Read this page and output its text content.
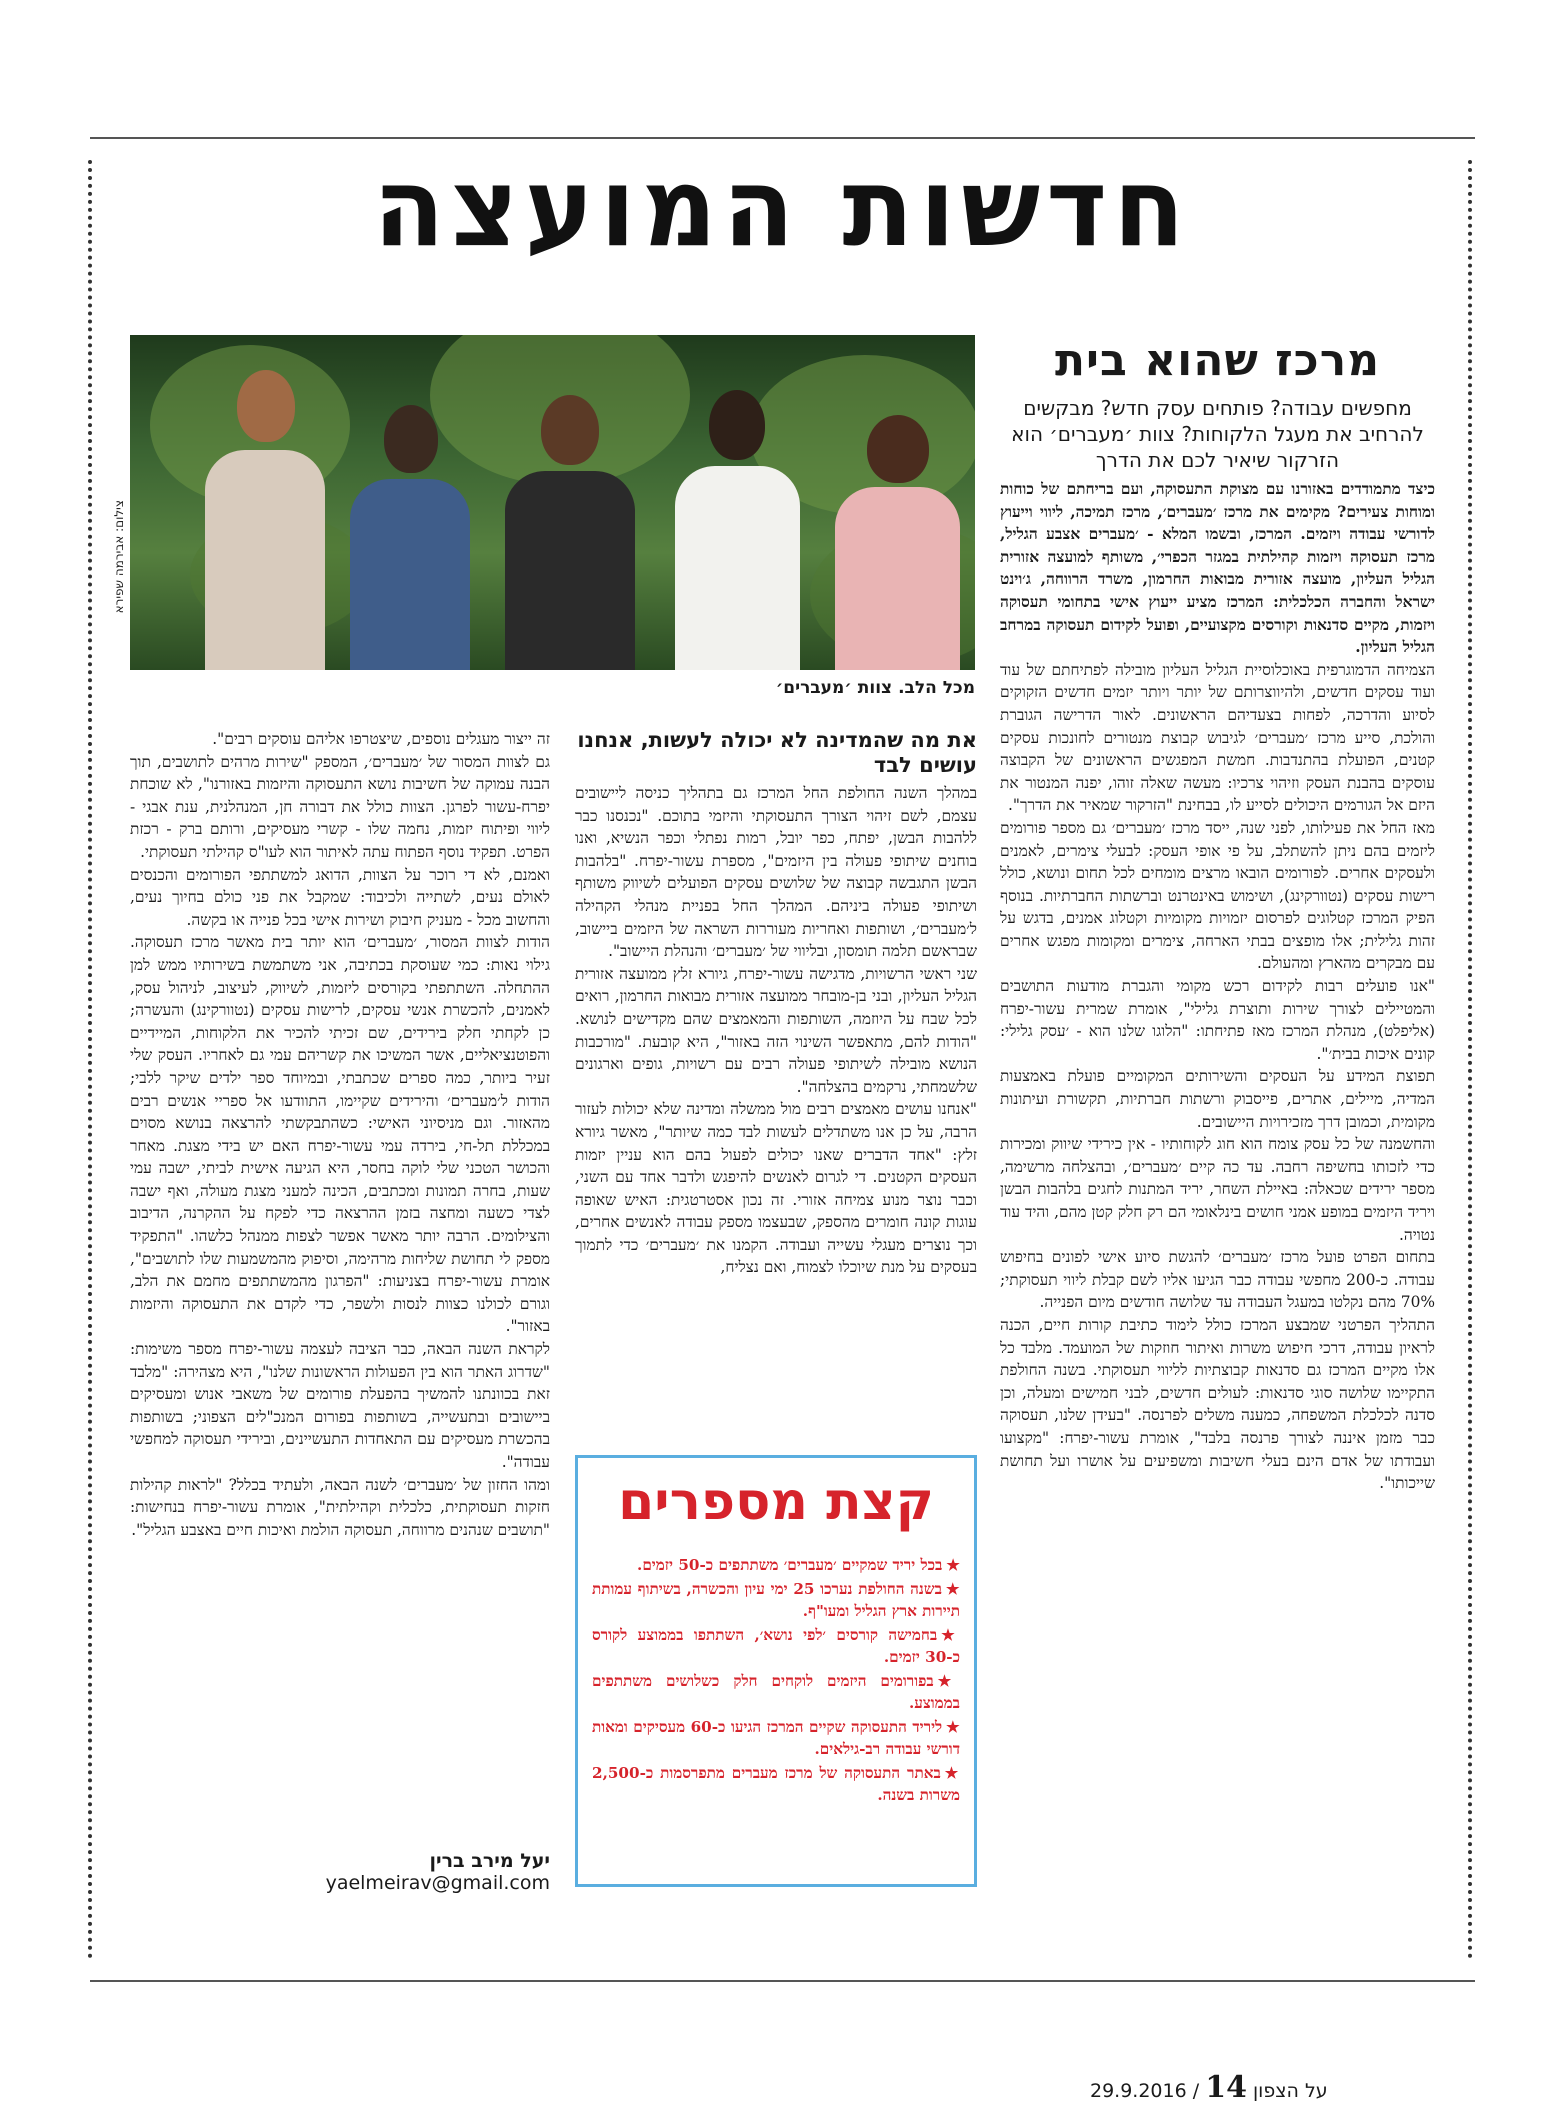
חדשות המועצה
צילום: אבירמה שפירא
מכל הלב. צוות ׳מעברים׳
מרכז שהוא בית

מחפשים עבודה? פותחים עסק חדש? מבקשים להרחיב את מעגל הלקוחות? צוות ׳מעברים׳ הוא הזרקור שיאיר לכם את הדרך

כיצד מתמודדים באזורנו עם מצוקת התעסוקה, ועם בריחתם של כוחות ומוחות צעירים? מקימים את מרכז ׳מעברים׳, מרכז תמיכה, ליווי וייעוץ לדורשי עבודה ויזמים. המרכז, ובשמו המלא - ׳מעברים אצבע הגליל, מרכז תעסוקה ויזמות קהילתית במגזר הכפרי׳, משותף למועצה אזורית הגליל העליון, מועצה אזורית מבואות החרמון, משרד הרווחה, ג׳וינט ישראל והחברה הכלכלית: המרכז מציע ייעוץ אישי בתחומי תעסוקה ויזמות, מקיים סדנאות וקורסים מקצועיים, ופועל לקידום תעסוקה במרחב הגליל העליון.

הצמיחה הדמוגרפית באוכלוסיית הגליל העליון מובילה לפתיחתם של עוד ועוד עסקים חדשים, ולהיווצרותם של יותר ויותר יזמים חדשים הזקוקים לסיוע והדרכה, לפחות בצעדיהם הראשונים. לאור הדרישה הגוברת והולכת, סייע מרכז ׳מעברים׳ לגיבוש קבוצת מנטורים לחונכות עסקים קטנים, הפועלת בהתנדבות. חמשת המפגשים הראשונים של הקבוצה עוסקים בהבנת העסק וזיהוי צרכיו: מעשה שאלה זוהו, יפנה המנטור את היזם אל הגורמים היכולים לסייע לו, בבחינת "הזרקור שמאיר את הדרך".

מאז החל את פעילותו, לפני שנה, ייסד מרכז ׳מעברים׳ גם מספר פורומים ליזמים בהם ניתן להשתלב, על פי אופי העסק: לבעלי צימרים, לאמנים ולעסקים אחרים. לפורומים הובאו מרצים מומחים לכל תחום ונושא, כולל רישות עסקים (נטוורקינג), ושימוש באינטרנט וברשתות החברתיות. בנוסף הפיק המרכז קטלוגים לפרסום יזמויות מקומיות וקטלוג אמנים, בדגש על זהות גלילית; אלו מופצים בבתי הארחה, צימרים ומקומות מפגש אחרים עם מבקרים מהארץ ומהעולם.

"אנו פועלים רבות לקידום רכש מקומי והגברת מודעות התושבים והמטיילים לצורך שירות ותוצרת גלילי", אומרת שמרית עשור-יפרח (אליפלט), מנהלת המרכז מאז פתיחתו: "הלוגו שלנו הוא - ׳עסק גלילי: קונים איכות בבית׳".

תפוצת המידע על העסקים והשירותים המקומיים פועלת באמצעות המדיה, מיילים, אתרים, פייסבוק ורשתות חברתיות, תקשורת ועיתונות מקומית, וכמובן דרך מזכירויות היישובים.

והחשמנה של כל עסק צומח הוא חוג לקוחותיו - אין כירידי שיווק ומכירות כדי לזכותו בחשיפה רחבה. עד כה קיים ׳מעברים׳, ובהצלחה מרשימה, מספר ירידים שכאלה: באיילת השחר, יריד המתנות לחגים בלהבות הבשן ויריד היזמים במופע אמני חושים בינלאומי הם רק חלק קטן מהם, והיד עוד נטויה.

בתחום הפרט פועל מרכז ׳מעברים׳ להגשת סיוע אישי לפונים בחיפוש עבודה. כ-200 מחפשי עבודה כבר הגיעו אליו לשם קבלת ליווי תעסוקתי; 70% מהם נקלטו במעגל העבודה עד שלושה חודשים מיום הפנייה.

התהליך הפרטני שמבצע המרכז כולל לימוד כתיבת קורות חיים, הכנה לראיון עבודה, דרכי חיפוש משרות ואיתור חוזקות של המועמד. מלבד כל אלו מקיים המרכז גם סדנאות קבוצתיות לליווי תעסוקתי. בשנה החולפת התקיימו שלושה סוגי סדנאות: לעולים חדשים, לבני חמישים ומעלה, וכן סדנה לכלכלת המשפחה, כמענה משלים לפרנסה. "בעידן שלנו, תעסוקה כבר מזמן איננה לצורך פרנסה בלבד", אומרת עשור-יפרח: "מקצועו ועבודתו של אדם הינם בעלי חשיבות ומשפיעים על אושרו ועל תחושת שייכותו".

את מה שהמדינה לא יכולה לעשות, אנחנו עושים לבד

במהלך השנה החולפת החל המרכז גם בתהליך כניסה ליישובים עצמם, לשם זיהוי הצורך התעסוקתי והיזמי בתוכם. "נכנסנו כבר ללהבות הבשן, יפתח, כפר יובל, רמות נפתלי וכפר הנשיא, ואנו בוחנים שיתופי פעולה בין היזמים", מספרת עשור-יפרח. "בלהבות הבשן התגבשה קבוצה של שלושים עסקים הפועלים לשיווק משותף ושיתופי פעולה ביניהם. המהלך החל בפניית מנהלי הקהילה ל׳מעברים׳, ושותפות ואחריות מעוררות השראה של היזמים ביישוב, שבראשם תלמה תומסון, ובליווי של ׳מעברים׳ והנהלת היישוב".

שני ראשי הרשויות, מדגישה עשור-יפרח, גיורא זלץ ממועצה אזורית הגליל העליון, ובני בן-מובחר ממועצה אזורית מבואות החרמון, רואים לכל שבח על היוזמה, השותפות והמאמצים שהם מקדישים לנושא. "הודות להם, מתאפשר השינוי הזה באזור", היא קובעת. "מורכבות הנושא מובילה לשיתופי פעולה רבים עם רשויות, גופים וארגונים שלשמחתי, נרקמים בהצלחה".

"אנחנו עושים מאמצים רבים מול ממשלה ומדינה שלא יכולות לעזור הרבה, על כן אנו משתדלים לעשות לבד כמה שיותר", מאשר גיורא זלץ: "אחד הדברים שאנו יכולים לפעול בהם הוא עניין יזמות העסקים הקטנים. די לגרום לאנשים להיפגש ולדבר אחד עם השני, וכבר נוצר מנוע צמיחה אזורי. זה נכון אסטרטגית: האיש שאופה עוגות קונה חומרים מהספק, שבעצמו מספק עבודה לאנשים אחרים, וכך נוצרים מעגלי עשייה ועבודה. הקמנו את ׳מעברים׳ כדי לתמוך בעסקים על מנת שיוכלו לצמוח, ואם נצליח,

קצת מספרים
★בכל יריד שמקיים ׳מעברים׳ משתתפים כ-50 יזמים.
★בשנה החולפת נערכו 25 ימי עיון והכשרה, בשיתוף עמותת תיירות ארץ הגליל ומעו"ף.
★בחמישה קורסים ׳לפי נושא׳, השתתפו בממוצע לקורס כ-30 יזמים.
★בפורומים היזמים לוקחים חלק כשלושים משתתפים בממוצע.
★ליריד התעסוקה שקיים המרכז הגיעו כ-60 מעסיקים ומאות דורשי עבודה רב-גילאים.
★באתר התעסוקה של מרכז מעברים מתפרסמות כ-2,500 משרות בשנה.

זה ייצור מעגלים נוספים, שיצטרפו אליהם עוסקים רבים".

גם לצוות המסור של ׳מעברים׳, המספק "שירות מרהים לתושבים, תוך הבנה עמוקה של חשיבות נושא התעסוקה והיזמות באזורנו", לא שוכחת יפרח-עשור לפרגן. הצוות כולל את דבורה חן, המנהלנית, ענת אבגי - ליווי ופיתוח יזמות, נחמה שלו - קשרי מעסיקים, ורותם ברק - רכזת הפרט. תפקיד נוסף הפתוח עתה לאיתור הוא לעו"ס קהילתי תעסוקתי.

ואמנם, לא די רוכר על הצוות, הדואג למשתתפי הפורומים והכנסים לאולם נעים, לשתייה ולכיבוד: שמקבל את פני כולם בחיוך נעים, והחשוב מכל - מעניק חיבוק ושירות אישי בכל פנייה או בקשה.

הודות לצוות המסור, ׳מעברים׳ הוא יותר בית מאשר מרכז תעסוקה. גילוי נאות: כמי שעוסקת בכתיבה, אני משתמשת בשירותיו ממש למן ההתחלה. השתתפתי בקורסים ליזמות, לשיווק, לעיצוב, לניהול עסק, לאמנים, להכשרת אנשי עסקים, לרישות עסקים (נטוורקינג) והעשרה; כן לקחתי חלק בירידים, שם זכיתי להכיר את הלקוחות, המיידיים והפוטנציאליים, אשר המשיכו את קשריהם עמי גם לאחריו. העסק שלי זעיר ביותר, כמה ספרים שכתבתי, ובמיוחד ספר ילדים שיקר ללבי; הודות ל׳מעברים׳ והירידים שקיימו, התוודעו אל ספריי אנשים רבים מהאזור. וגם מניסיוני האישי: כשהתבקשתי להרצאה בנושא מסוים במכללת תל-חי, בירדה עמי עשור-יפרח האם יש בידי מצגת. מאחר והכושר הטכני שלי לוקה בחסר, היא הגיעה אישית לביתי, ישבה עמי שעות, בחרה תמונות ומכתבים, הכינה למעני מצגת מעולה, ואף ישבה לצדי כשעה ומחצה בזמן ההרצאה כדי לפקח על ההקרנה, הדיבוב והצילומים. הרבה יותר מאשר אפשר לצפות ממנהל כלשהו. "התפקיד מספק לי תחושת שליחות מרהימה, וסיפוק מהמשמעות שלו לתושבים", אומרת עשור-יפרח בצניעות: "הפרגון מהמשתתפים מחמם את הלב, וגורם לכולנו כצוות לנסות ולשפר, כדי לקדם את התעסוקה והיזמות באזור".

לקראת השנה הבאה, כבר הציבה לעצמה עשור-יפרח מספר משימות: "שדרוג האתר הוא בין הפעולות הראשונות שלנו", היא מצהירה: "מלבד זאת בכוונתנו להמשיך בהפעלת פורומים של משאבי אנוש ומעסיקים ביישובים ובתעשייה, בשותפות בפורום המנכ"לים הצפוני; בשותפות בהכשרת מעסיקים עם התאחדות התעשיינים, ובירידי תעסוקה למחפשי עבודה".

ומהו החזון של ׳מעברים׳ לשנה הבאה, ולעתיד בכלל? "לראות קהילות חזקות תעסוקתית, כלכלית וקהילתית", אומרת עשור-יפרח בנחישות: "תושבים שנהנים מרווחה, תעסוקה הולמת ואיכות חיים באצבע הגליל".

יעל מירב ברין
yaelmeirav@gmail.com
29.9.2016 /	על הצפון 14
